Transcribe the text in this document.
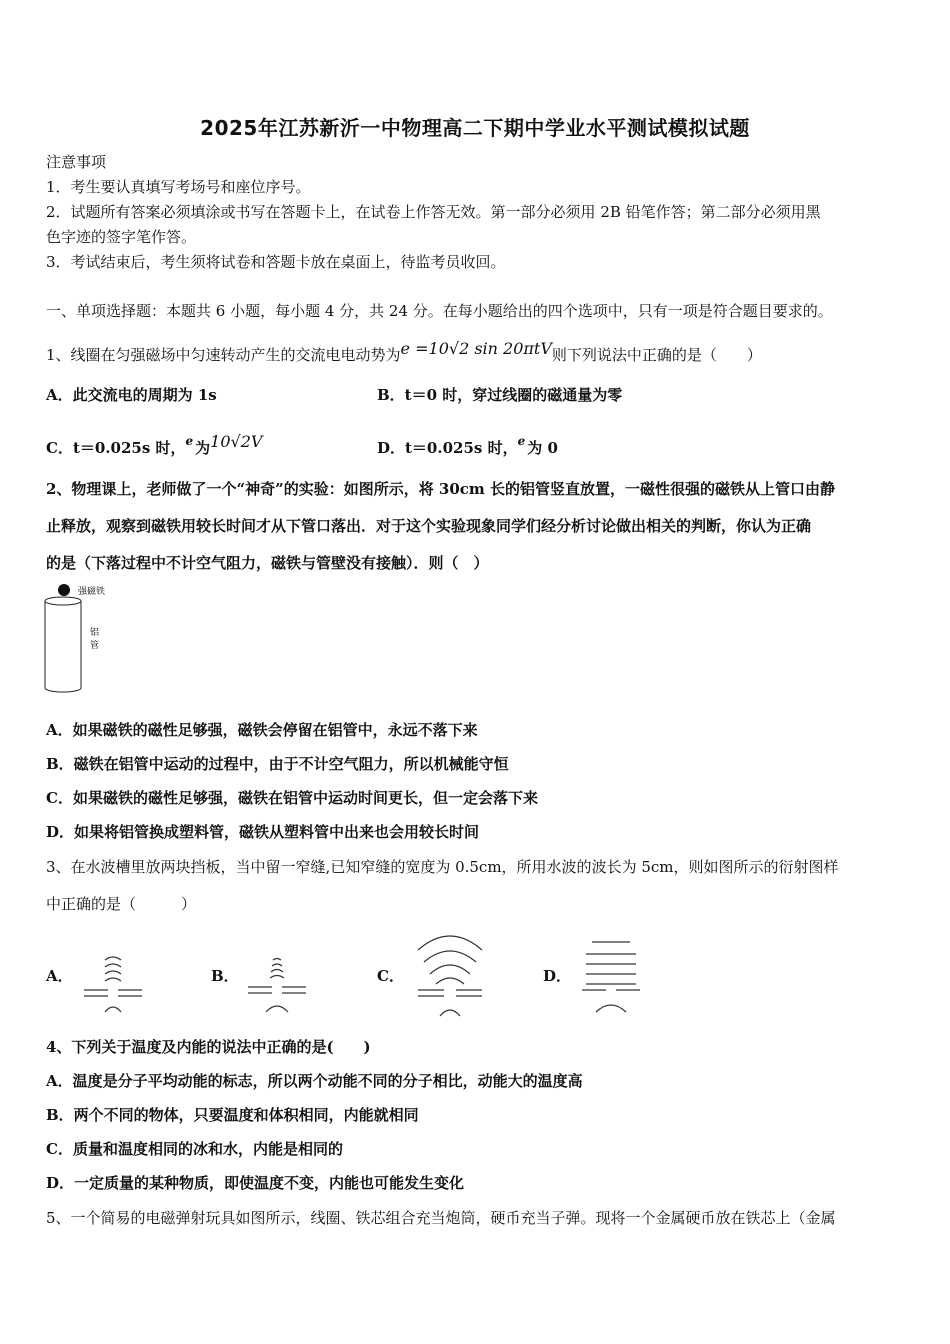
2025年江苏新沂一中物理高二下期中学业水平测试模拟试题
注意事项
1．考生要认真填写考场号和座位序号。
2．试题所有答案必须填涂或书写在答题卡上，在试卷上作答无效。第一部分必须用 2B 铅笔作答；第二部分必须用黑
色字迹的签字笔作答。
3．考试结束后，考生须将试卷和答题卡放在桌面上，待监考员收回。
一、单项选择题：本题共 6 小题，每小题 4 分，共 24 分。在每小题给出的四个选项中，只有一项是符合题目要求的。
1、线圈在匀强磁场中匀速转动产生的交流电电动势为e =10√2 sin 20πtV则下列说法中正确的是（　　）
A．此交流电的周期为 1s	B．t＝0 时，穿过线圈的磁通量为零
C．t＝0.025s 时，$^e$ 为10√2V	D．t＝0.025s 时，$^e$ 为 0
2、物理课上，老师做了一个“神奇”的实验：如图所示，将 30cm 长的铝管竖直放置，一磁性很强的磁铁从上管口由静
止释放，观察到磁铁用较长时间才从下管口落出．对于这个实验现象同学们经分析讨论做出相关的判断，你认为正确
的是（下落过程中不计空气阻力，磁铁与管壁没有接触）．则（　）
强磁铁
铝
管
A．如果磁铁的磁性足够强，磁铁会停留在铝管中，永远不落下来
B．磁铁在铝管中运动的过程中，由于不计空气阻力，所以机械能守恒
C．如果磁铁的磁性足够强，磁铁在铝管中运动时间更长，但一定会落下来
D．如果将铝管换成塑料管，磁铁从塑料管中出来也会用较长时间
3、在水波槽里放两块挡板，当中留一窄缝,已知窄缝的宽度为 0.5cm，所用水波的波长为 5cm，则如图所示的衍射图样
中正确的是（　　　）
A．	B．	C．	D．
4、下列关于温度及内能的说法中正确的是(　　)
A．温度是分子平均动能的标志，所以两个动能不同的分子相比，动能大的温度高
B．两个不同的物体，只要温度和体积相同，内能就相同
C．质量和温度相同的冰和水，内能是相同的
D．一定质量的某种物质，即使温度不变，内能也可能发生变化
5、一个简易的电磁弹射玩具如图所示，线圈、铁芯组合充当炮筒，硬币充当子弹。现将一个金属硬币放在铁芯上（金属
